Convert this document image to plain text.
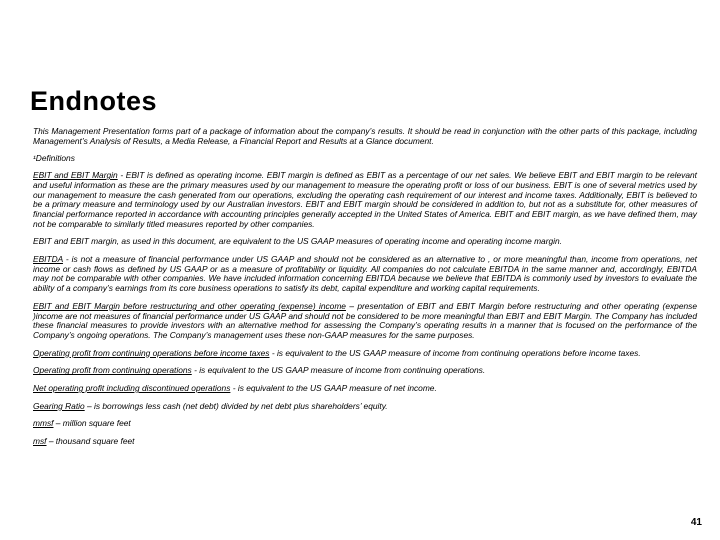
Endnotes

This Management Presentation forms part of a package of information about the company’s results. It should be read in conjunction with the other parts of this package, including Management’s Analysis of Results, a Media Release, a Financial Report and Results at a Glance document.

¹Definitions

EBIT and EBIT Margin - EBIT is defined as operating income. EBIT margin is defined as EBIT as a percentage of our net sales. We believe EBIT and EBIT margin to be relevant and useful information as these are the primary measures used by our management to measure the operating profit or loss of our business. EBIT is one of several metrics used by our management to measure the cash generated from our operations, excluding the operating cash requirement of our interest and income taxes. Additionally, EBIT is believed to be a primary measure and terminology used by our Australian investors. EBIT and EBIT margin should be considered in addition to, but not as a substitute for, other measures of financial performance reported in accordance with accounting principles generally accepted in the United States of America. EBIT and EBIT margin, as we have defined them, may not be comparable to similarly titled measures reported by other companies.

EBIT and EBIT margin, as used in this document, are equivalent to the US GAAP measures of operating income and operating income margin.

EBITDA - is not a measure of financial performance under US GAAP and should not be considered as an alternative to , or more meaningful than, income from operations, net income or cash flows as defined by US GAAP or as a measure of profitability or liquidity. All companies do not calculate EBITDA in the same manner and, accordingly, EBITDA may not be comparable with other companies. We have included information concerning EBITDA because we believe that EBITDA is commonly used by investors to evaluate the ability of a company’s earnings from its core business operations to satisfy its debt, capital expenditure and working capital requirements.

EBIT and EBIT Margin before restructuring and other operating (expense) income – presentation of EBIT and EBIT Margin before restructuring and other operating (expense )income are not measures of financial performance under US GAAP and should not be considered to be more meaningful than EBIT and EBIT Margin. The Company has included these financial measures to provide investors with an alternative method for assessing the Company’s operating results in a manner that is focused on the performance of the Company’s ongoing operations. The Company’s management uses these non-GAAP measures for the same purposes.

Operating profit from continuing operations before income taxes - is equivalent to the US GAAP measure of income from continuing operations before income taxes.

Operating profit from continuing operations - is equivalent to the US GAAP measure of income from continuing operations.

Net operating profit including discontinued operations - is equivalent to the US GAAP measure of net income.

Gearing Ratio – is borrowings less cash (net debt) divided by net debt plus shareholders’ equity.

mmsf – million square feet

msf – thousand square feet

41
